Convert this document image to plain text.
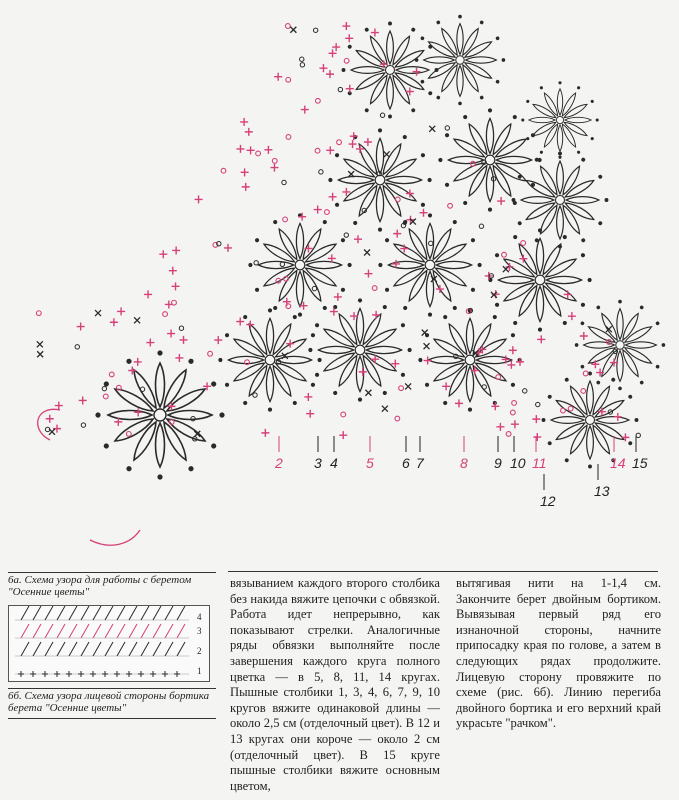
2 3 4 5 6 7	8 9 10 11
12
13
14 15
6а. Схема узора для работы с беретом "Осенние цветы"
4
3
2
1
6б. Схема узора лицевой стороны бортика берета "Осенние цветы"

вязыванием каждого второго столбика без накида вяжите цепочки с обвязкой. Работа идет непрерывно, как показывают стрелки. Аналогичные ряды обвязки выполняйте после завершения каждого круга полного цветка — в 5, 8, 11, 14 кругах. Пышные столбики 1, 3, 4, 6, 7, 9, 10 кругов вяжите одинаковой длины — около 2,5 см (отделочный цвет). В 12 и 13 кругах они короче — около 2 см (отделочный цвет). В 15 круге пышные столбики вяжите основным цветом,

вытягивая нити на 1-1,4 см. Закончите берет двойным бортиком. Вывязывая первый ряд его изнаночной стороны, начните припосадку края по голове, а затем в следующих рядах продолжите. Лицевую сторону провяжите по схеме (рис. 6б). Линию перегиба двойного бортика и его верхний край украсьте "рачком".
